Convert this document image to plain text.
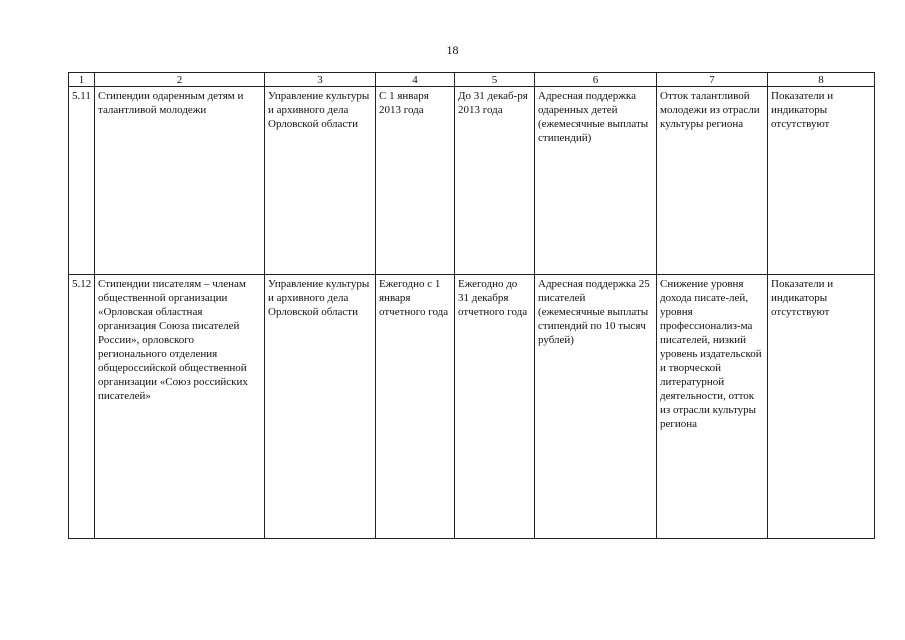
18
1	2	3	4	5	6	7	8
5.11	Стипендии одаренным детям и талантливой молодежи	Управление культуры и архивного дела Орловской области	С 1 января 2013 года	До 31 декаб-ря 2013 года	Адресная поддержка одаренных детей (ежемесячные выплаты стипендий)	Отток талантливой молодежи из отрасли культуры региона	Показатели и индикаторы отсутствуют
5.12	Стипендии писателям – членам общественной организации «Орловская областная организация Союза писателей России», орловского регионального отделения общероссийской общественной организации «Союз российских писателей»	Управление культуры и архивного дела Орловской области	Ежегодно с 1 января отчетного года	Ежегодно до 31 декабря отчетного года	Адресная поддержка 25 писателей (ежемесячные выплаты стипендий по 10 тысяч рублей)	Снижение уровня дохода писате-лей, уровня профессионализ-ма писателей, низкий уровень издательской и творческой литературной деятельности, отток из отрасли культуры региона	Показатели и индикаторы отсутствуют
